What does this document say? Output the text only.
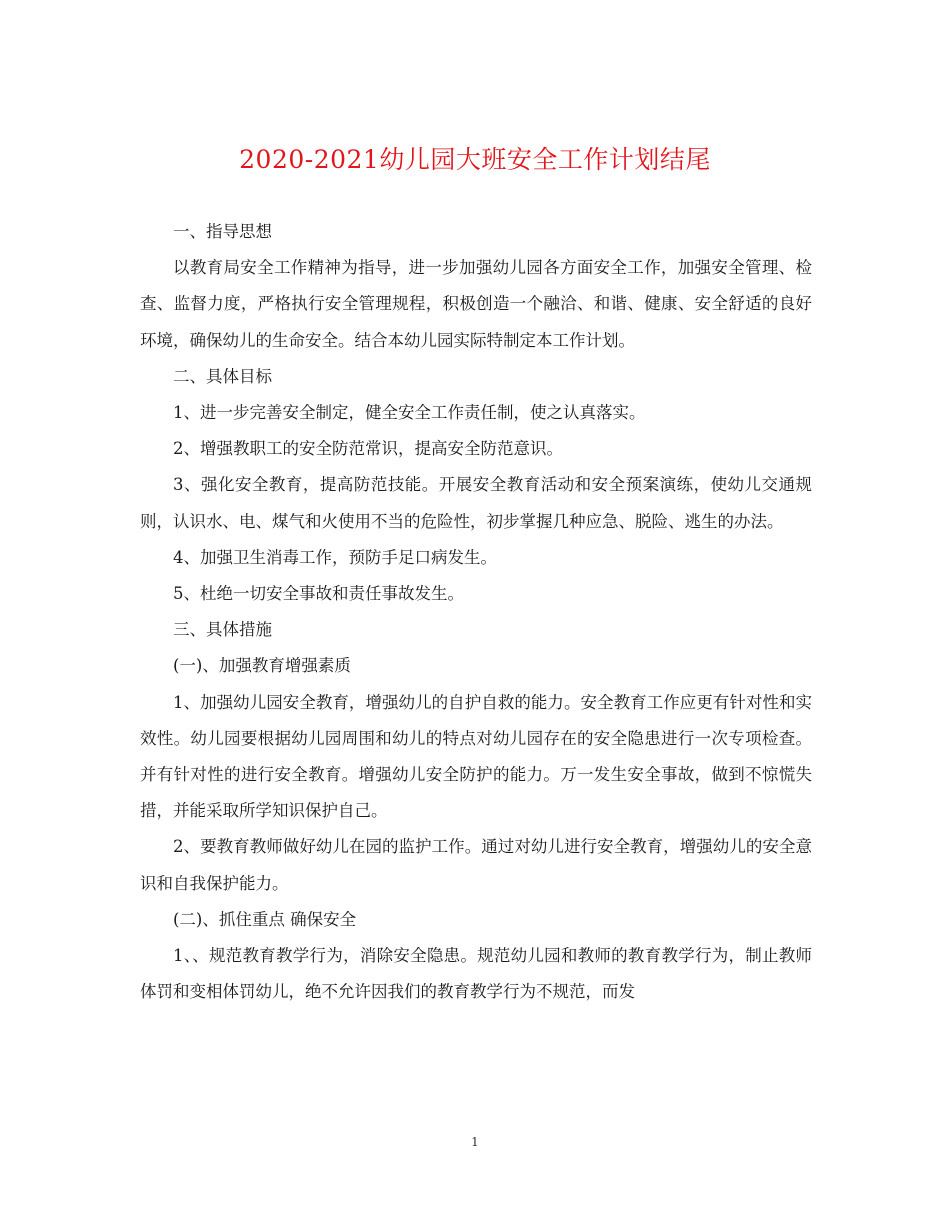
2020-2021幼儿园大班安全工作计划结尾

一、指导思想

以教育局安全工作精神为指导，进一步加强幼儿园各方面安全工作，加强安全管理、检查、监督力度，严格执行安全管理规程，积极创造一个融洽、和谐、健康、安全舒适的良好环境，确保幼儿的生命安全。结合本幼儿园实际特制定本工作计划。

二、具体目标

1、进一步完善安全制定，健全安全工作责任制，使之认真落实。

2、增强教职工的安全防范常识，提高安全防范意识。

3、强化安全教育，提高防范技能。开展安全教育活动和安全预案演练，使幼儿交通规则，认识水、电、煤气和火使用不当的危险性，初步掌握几种应急、脱险、逃生的办法。

4、加强卫生消毒工作，预防手足口病发生。

5、杜绝一切安全事故和责任事故发生。

三、具体措施

(一)、加强教育增强素质

1、加强幼儿园安全教育，增强幼儿的自护自救的能力。安全教育工作应更有针对性和实效性。幼儿园要根据幼儿园周围和幼儿的特点对幼儿园存在的安全隐患进行一次专项检查。并有针对性的进行安全教育。增强幼儿安全防护的能力。万一发生安全事故，做到不惊慌失措，并能采取所学知识保护自己。

2、要教育教师做好幼儿在园的监护工作。通过对幼儿进行安全教育，增强幼儿的安全意识和自我保护能力。

(二)、抓住重点 确保安全

1、、规范教育教学行为，消除安全隐患。规范幼儿园和教师的教育教学行为，制止教师体罚和变相体罚幼儿，绝不允许因我们的教育教学行为不规范，而发

1
